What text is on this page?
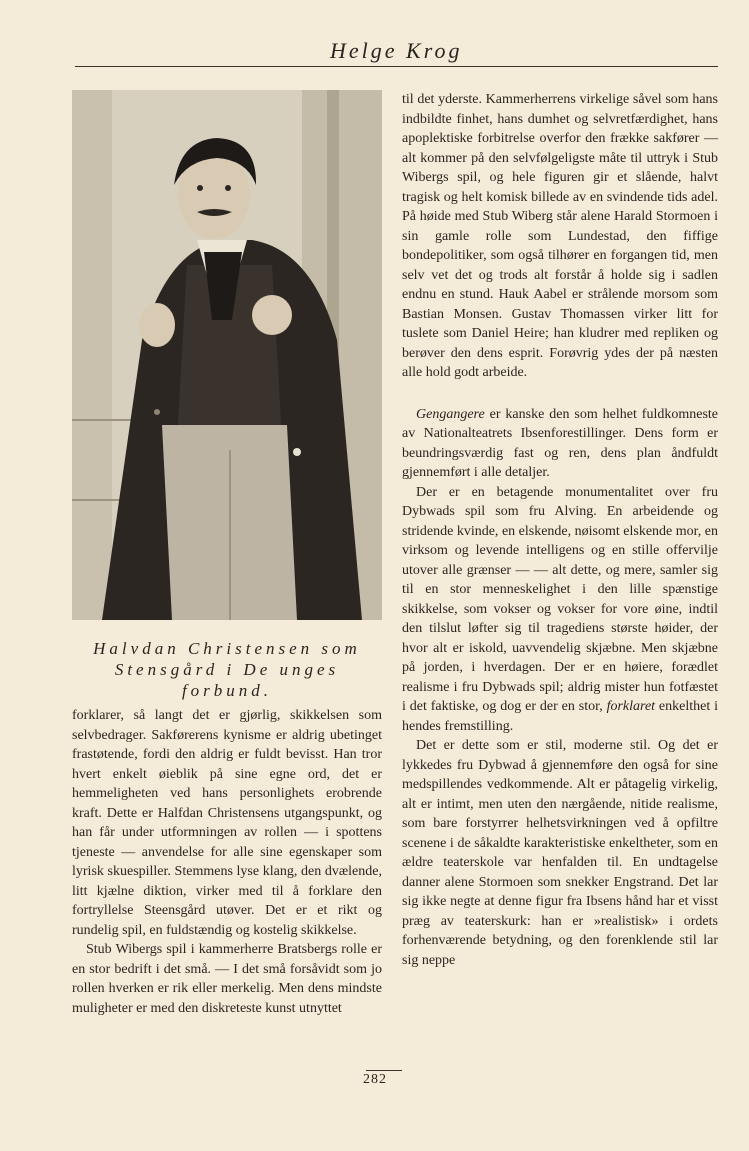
Helge Krog
Halvdan Christensen som
Stensgård i De unges
forbund.

forklarer, så langt det er gjørlig, skikkelsen som selvbedrager. Sakførerens kynisme er aldrig ubetinget frastøtende, fordi den aldrig er fuldt bevisst. Han tror hvert enkelt øieblik på sine egne ord, det er hemmeligheten ved hans personlighets erobrende kraft. Dette er Halfdan Christensens utgangspunkt, og han får under utformningen av rollen — i spottens tjeneste — anvendelse for alle sine egenskaper som lyrisk skuespiller. Stemmens lyse klang, den dvælende, litt kjælne diktion, virker med til å forklare den fortryllelse Steensgård utøver. Det er et rikt og rundelig spil, en fuldstændig og kostelig skikkelse.

Stub Wibergs spil i kammerherre Bratsbergs rolle er en stor bedrift i det små. — I det små forsåvidt som jo rollen hverken er rik eller merkelig. Men dens mindste muligheter er med den diskreteste kunst utnyttet

til det yderste. Kammerherrens virkelige såvel som hans indbildte finhet, hans dumhet og selvretfærdighet, hans apoplektiske forbitrelse overfor den frække sakfører — alt kommer på den selvfølgeligste måte til uttryk i Stub Wibergs spil, og hele figuren gir et slående, halvt tragisk og helt komisk billede av en svindende tids adel. På høide med Stub Wiberg står alene Harald Stormoen i sin gamle rolle som Lundestad, den fiffige bondepolitiker, som også tilhører en forgangen tid, men selv vet det og trods alt forstår å holde sig i sadlen endnu en stund. Hauk Aabel er strålende morsom som Bastian Monsen. Gustav Thomassen virker litt for tuslete som Daniel Heire; han kludrer med repliken og berøver den dens esprit. Forøvrig ydes der på næsten alle hold godt arbeide.

Gengangere er kanske den som helhet fuldkomneste av Nationalteatrets Ibsenforestillinger. Dens form er beundringsværdig fast og ren, dens plan åndfuldt gjennemført i alle detaljer.

Der er en betagende monumentalitet over fru Dybwads spil som fru Alving. En arbeidende og stridende kvinde, en elskende, nøisomt elskende mor, en virksom og levende intelligens og en stille offervilje utover alle grænser — — alt dette, og mere, samler sig til en stor menneskelighet i den lille spænstige skikkelse, som vokser og vokser for vore øine, indtil den tilslut løfter sig til tragediens største høider, der hvor alt er iskold, uavvendelig skjæbne. Men skjæbne på jorden, i hverdagen. Der er en høiere, forædlet realisme i fru Dybwads spil; aldrig mister hun fotfæstet i det faktiske, og dog er der en stor, forklaret enkelthet i hendes fremstilling.

Det er dette som er stil, moderne stil. Og det er lykkedes fru Dybwad å gjennemføre den også for sine medspillendes vedkommende. Alt er påtagelig virkelig, alt er intimt, men uten den nærgående, nitide realisme, som bare forstyrrer helhetsvirkningen ved å opfiltre scenene i de såkaldte karakteristiske enkeltheter, som en ældre teaterskole var henfalden til. En undtagelse danner alene Stormoen som snekker Engstrand. Det lar sig ikke negte at denne figur fra Ibsens hånd har et visst præg av teaterskurk: han er »realistisk» i ordets forhenværende betydning, og den forenklende stil lar sig neppe

282
